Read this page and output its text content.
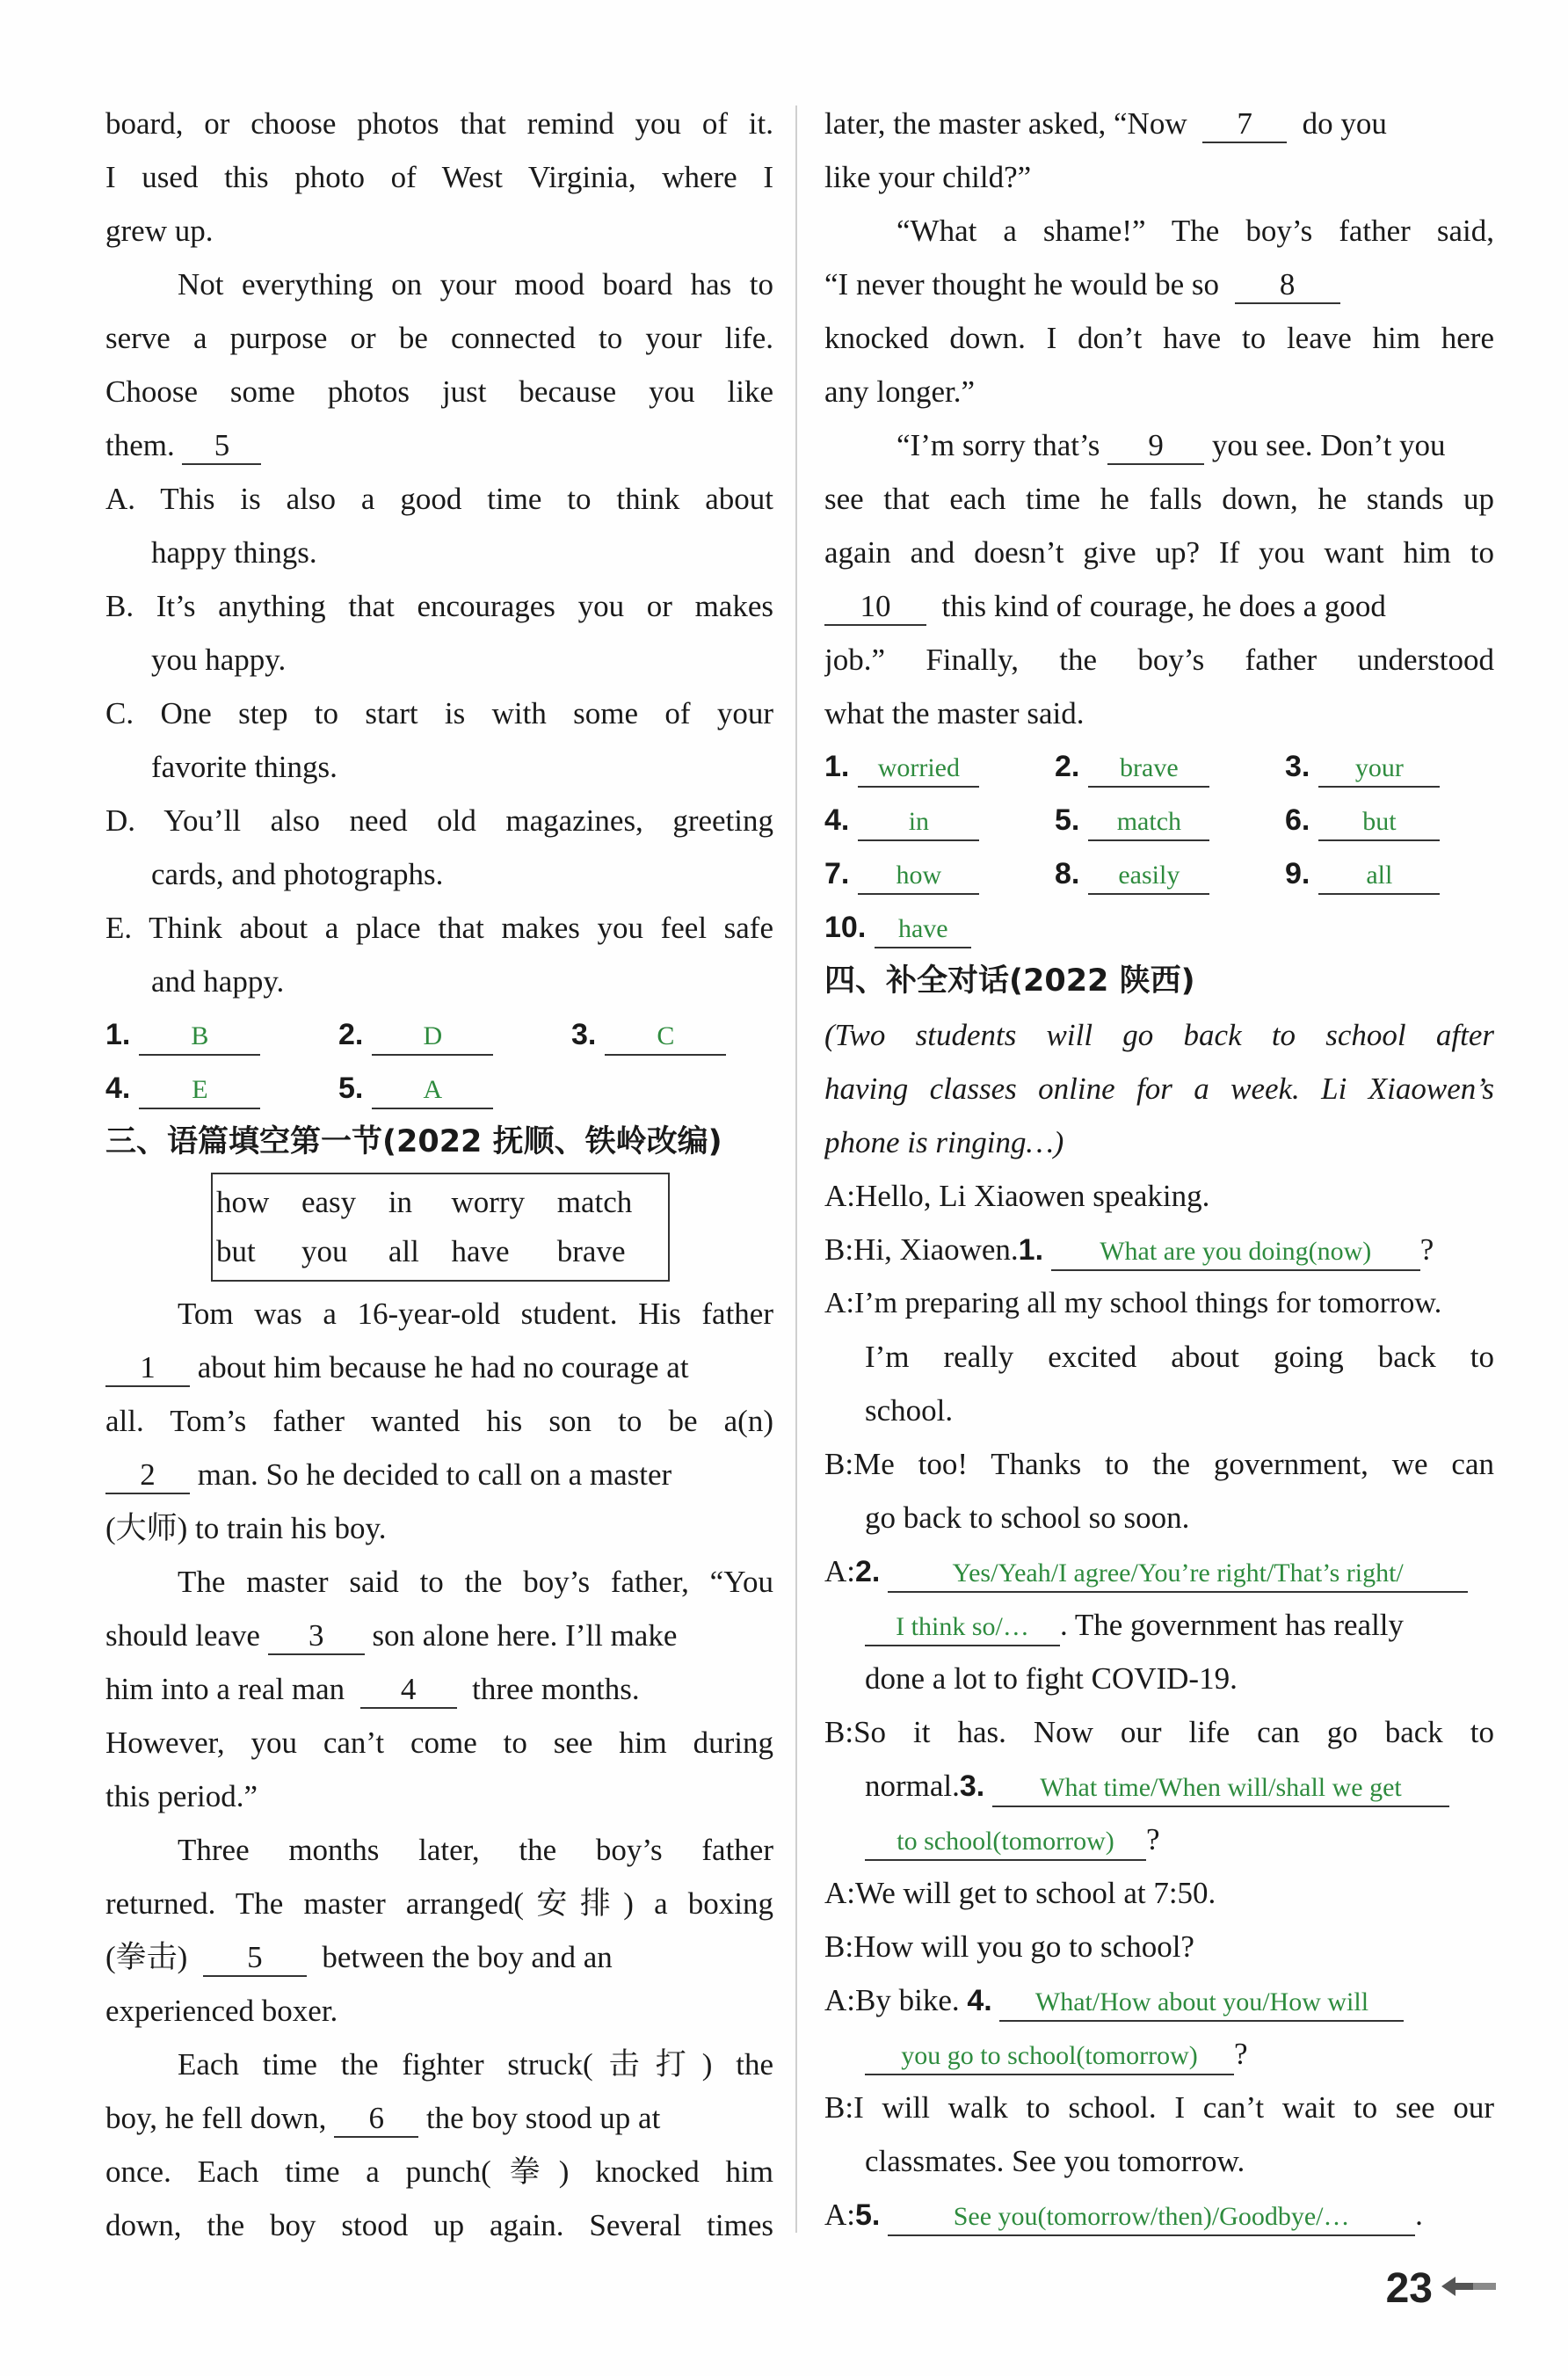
board, or choose photos that remind you of it.
I used this photo of West Virginia, where I
grew up.
Not everything on your mood board has to
serve a purpose or be connected to your life.
Choose some photos just because you like
them. 5
A. This is also a good time to think about
happy things.
B. It’s anything that encourages you or makes
you happy.
C. One step to start is with some of your
favorite things.
D. You’ll also need old magazines, greeting
cards, and photographs.
E. Think about a place that makes you feel safe
and happy.
1.	B	2.	D	3.	C
4.	E	5.	A
三、语篇填空第一节(2022 抚顺、铁岭改编)
how	easy	in	worry	match
but	you	all	have	brave
Tom was a 16-year-old student. His father
1 about him because he had no courage at
all. Tom’s father wanted his son to be a(n)
2 man. So he decided to call on a master
(大师) to train his boy.
The master said to the boy’s father, “You
should leave 3 son alone here. I’ll make
him into a real man 4 three months.
However, you can’t come to see him during
this period.”
Three months later, the boy’s father
returned. The master arranged(安排) a boxing
(拳击) 5 between the boy and an
experienced boxer.
Each time the fighter struck(击打) the
boy, he fell down, 6 the boy stood up at
once. Each time a punch(拳) knocked him
down, the boy stood up again. Several times
later, the master asked, “Now 7 do you
like your child?”
“What a shame!” The boy’s father said,
“I never thought he would be so 8
knocked down. I don’t have to leave him here
any longer.”
“I’m sorry that’s 9 you see. Don’t you
see that each time he falls down, he stands up
again and doesn’t give up? If you want him to
10 this kind of courage, he does a good
job.” Finally, the boy’s father understood
what the master said.
1.	worried	2.	brave	3.	your
4.	in	5.	match	6.	but
7.	how	8.	easily	9.	all
10.	have
四、补全对话(2022 陕西)
(Two students will go back to school after
having classes online for a week. Li Xiaowen’s
phone is ringing…)
A:Hello, Li Xiaowen speaking.
B:Hi, Xiaowen.1. What are you doing(now) ?
A:I’m preparing all my school things for tomorrow.
I’m really excited about going back to
school.
B:Me too! Thanks to the government, we can
go back to school so soon.
A:2.	Yes/Yeah/I agree/You’re right/That’s right/
I think so/… . The government has really
done a lot to fight COVID-19.
B:So it has. Now our life can go back to
normal.3. What time/When will/shall we get
to school(tomorrow) ?
A:We will get to school at 7:50.
B:How will you go to school?
A:By bike. 4. What/How about you/How will
you go to school(tomorrow) ?
B:I will walk to school. I can’t wait to see our
classmates. See you tomorrow.
A:5.	See you(tomorrow/then)/Goodbye/… .
23
